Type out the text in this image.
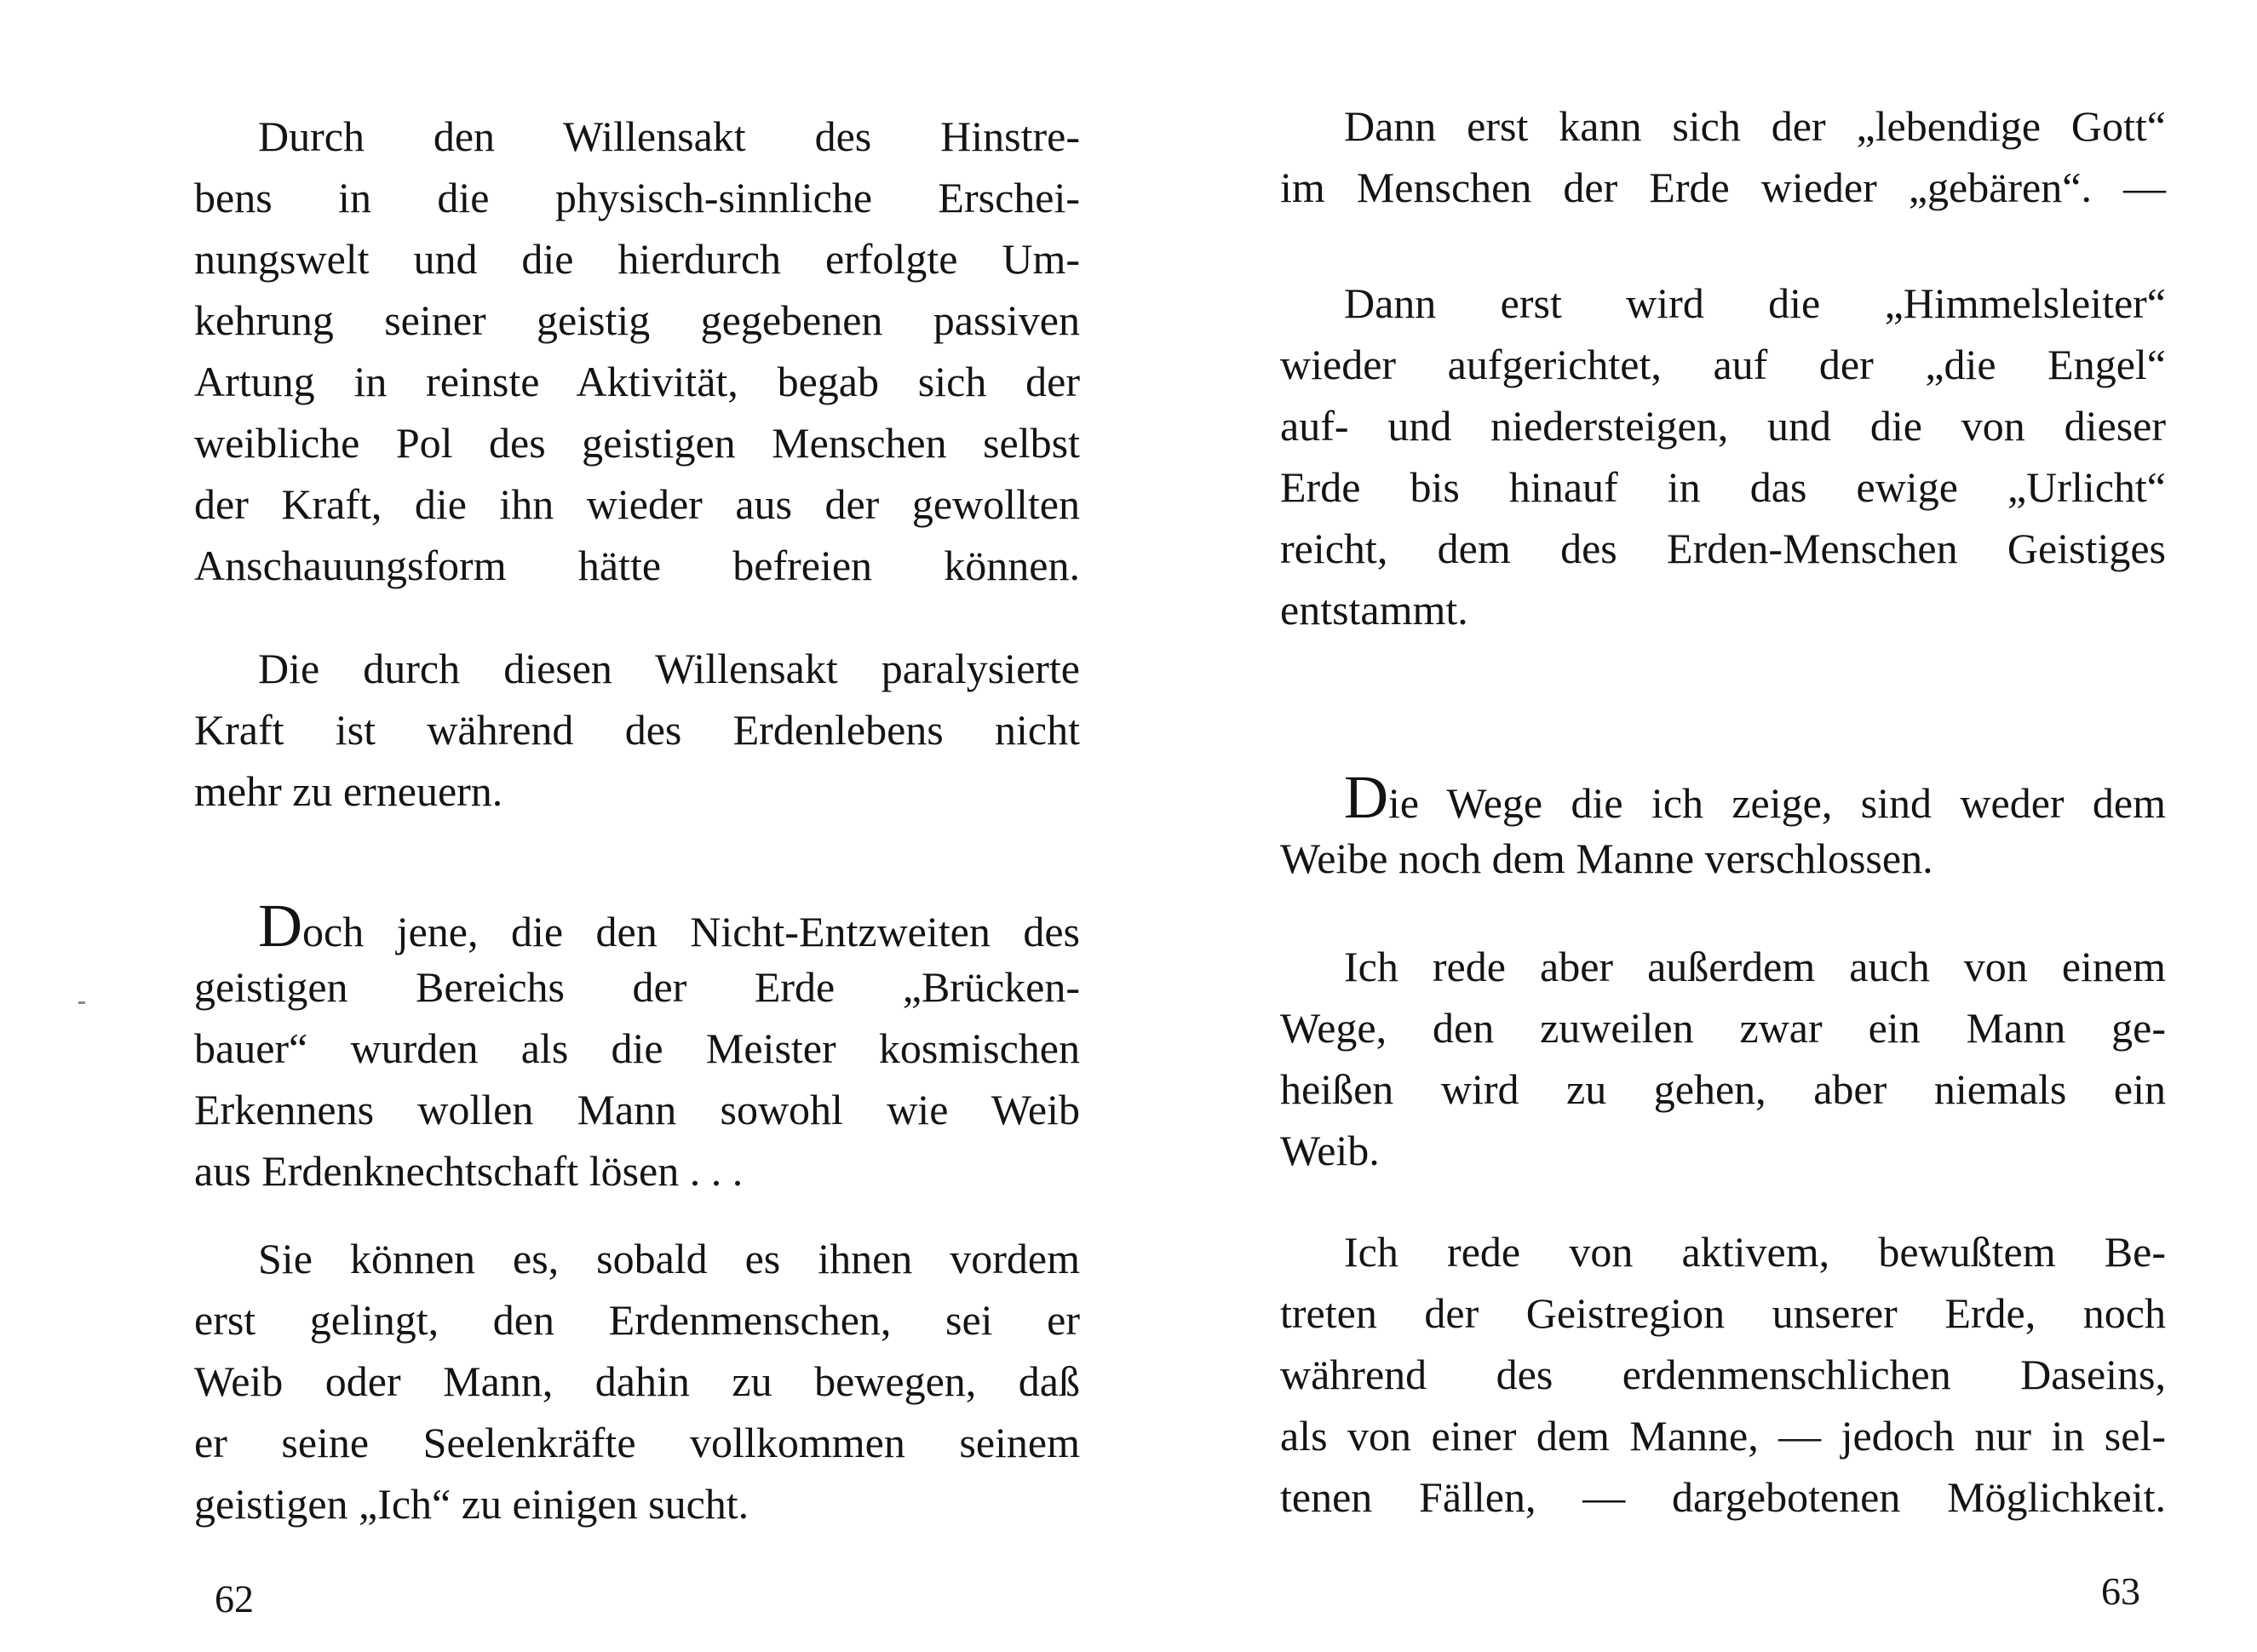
Durch den Willensakt des Hinstre-
bens in die physisch-sinnliche Erschei-
nungswelt und die hierdurch erfolgte Um-
kehrung seiner geistig gegebenen passiven
Artung in reinste Aktivität, begab sich der
weibliche Pol des geistigen Menschen selbst
der Kraft, die ihn wieder aus der gewollten
Anschauungsform hätte befreien können.
Die durch diesen Willensakt paralysierte
Kraft ist während des Erdenlebens nicht
mehr zu erneuern.
Doch jene, die den Nicht-Entzweiten des
geistigen Bereichs der Erde „Brücken-
bauer“ wurden als die Meister kosmischen
Erkennens wollen Mann sowohl wie Weib
aus Erdenknechtschaft lösen . . .
Sie können es, sobald es ihnen vordem
erst gelingt, den Erdenmenschen, sei er
Weib oder Mann, dahin zu bewegen, daß
er seine Seelenkräfte vollkommen seinem
geistigen „Ich“ zu einigen sucht.
62
Dann erst kann sich der „lebendige Gott“
im Menschen der Erde wieder „gebären“. —
Dann erst wird die „Himmelsleiter“
wieder aufgerichtet, auf der „die Engel“
auf- und niedersteigen, und die von dieser
Erde bis hinauf in das ewige „Urlicht“
reicht, dem des Erden-Menschen Geistiges
entstammt.
Die Wege die ich zeige, sind weder dem
Weibe noch dem Manne verschlossen.
Ich rede aber außerdem auch von einem
Wege, den zuweilen zwar ein Mann ge-
heißen wird zu gehen, aber niemals ein
Weib.
Ich rede von aktivem, bewußtem Be-
treten der Geistregion unserer Erde, noch
während des erdenmenschlichen Daseins,
als von einer dem Manne, — jedoch nur in sel-
tenen Fällen, — dargebotenen Möglichkeit.
63
